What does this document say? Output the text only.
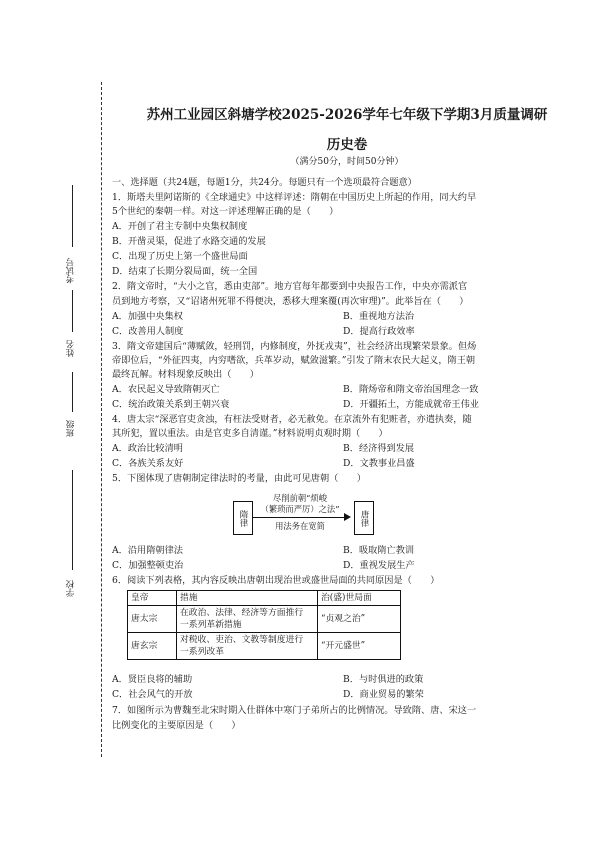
考试号
姓名
班级
学校
苏州工业园区斜塘学校2025-2026学年七年级下学期3月质量调研
历史卷
（满分50分，时间50分钟）
一、选择题（共24题，每题1分，共24分。每题只有一个选项最符合题意）
1．斯塔夫里阿诺斯的《全球通史》中这样评述：隋朝在中国历史上所起的作用，同大约早
5个世纪的秦朝一样。对这一评述理解正确的是（　　）
A．开创了君主专制中央集权制度
B．开凿灵渠，促进了水路交通的发展
C．出现了历史上第一个盛世局面
D．结束了长期分裂局面，统一全国
2．隋文帝时，“大小之官，悉由吏部”。地方官每年都要到中央报告工作，中央亦需派官
员到地方考察，又“诏诸州死罪不得便决，悉移大理案覆(再次审理)”。此举旨在（　　）
A．加强中央集权	B．重视地方法治
C．改善用人制度	D．提高行政效率
3．隋文帝建国后“薄赋敛，轻刑罚，内修制度，外抚戎夷”，社会经济出现繁荣景象。但炀
帝即位后，“外征四夷，内穷嗜欲，兵革岁动，赋敛滋繁。”引发了隋末农民大起义，隋王朝
最终瓦解。材料现象反映出（　　）
A．农民起义导致隋朝灭亡	B．隋炀帝和隋文帝治国理念一致
C．统治政策关系到王朝兴衰	D．开疆拓土，方能成就帝王伟业
4．唐太宗“深恶官吏贪浊，有枉法受财者，必无赦免。在京流外有犯赃者，亦遣执奏，随
其所犯，置以重法。由是官吏多自清谨。”材料说明贞观时期（　　）
A．政治比较清明	B．经济得到发展
C．各族关系友好	D．文教事业昌盛
5．下图体现了唐朝制定律法时的考量，由此可见唐朝（　　）
隋律
尽削前朝“烦峻
（繁琐而严厉）之法”
用法务在宽简	唐律
A．沿用隋朝律法	B．吸取隋亡教训
C．加强整顿吏治	D．重视发展生产
6．阅读下列表格，其内容反映出唐朝出现治世或盛世局面的共同原因是（　　）
皇帝	措施	治(盛)世局面
唐太宗	在政治、法律、经济等方面推行
一系列革新措施	“贞观之治”
唐玄宗	对税收、吏治、文教等制度进行
一系列改革	“开元盛世”
A．贤臣良将的辅助	B．与时俱进的政策
C．社会风气的开放	D．商业贸易的繁荣
7．如图所示为曹魏至北宋时期入仕群体中寒门子弟所占的比例情况。导致隋、唐、宋这一
比例变化的主要原因是（　　）
